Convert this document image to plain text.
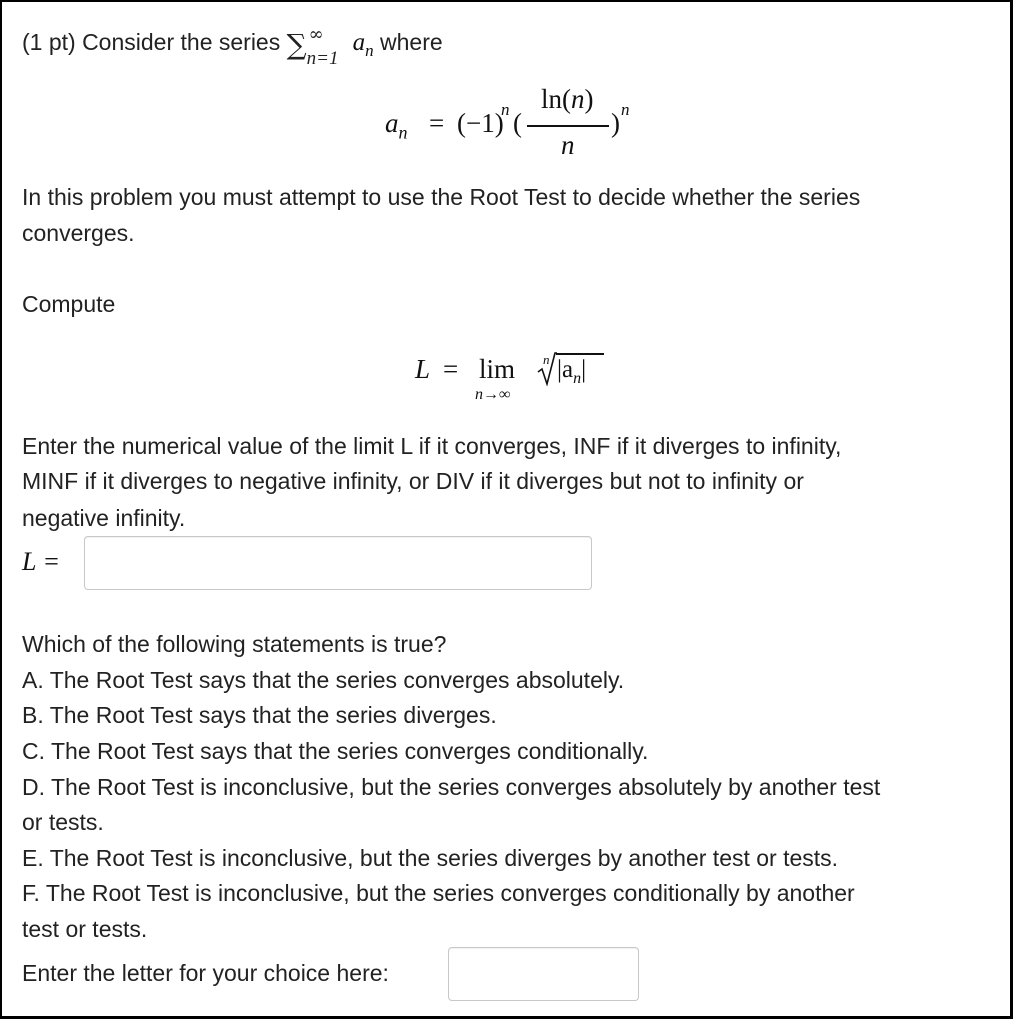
(1 pt) Consider the series ∑ ∞
n=1
$a_n$ where
$a_n = (-1)$
n (
ln(n)
n
) n
In this problem you must attempt to use the Root Test to decide whether the series
converges.
Compute
L = lim
n→∞
n $|a_n|$
Enter the numerical value of the limit L if it converges, INF if it diverges to infinity,
MINF if it diverges to negative infinity, or DIV if it diverges but not to infinity or
negative infinity.
L =
Which of the following statements is true?
A. The Root Test says that the series converges absolutely.
B. The Root Test says that the series diverges.
C. The Root Test says that the series converges conditionally.
D. The Root Test is inconclusive, but the series converges absolutely by another test
or tests.
E. The Root Test is inconclusive, but the series diverges by another test or tests.
F. The Root Test is inconclusive, but the series converges conditionally by another
test or tests.
Enter the letter for your choice here:
